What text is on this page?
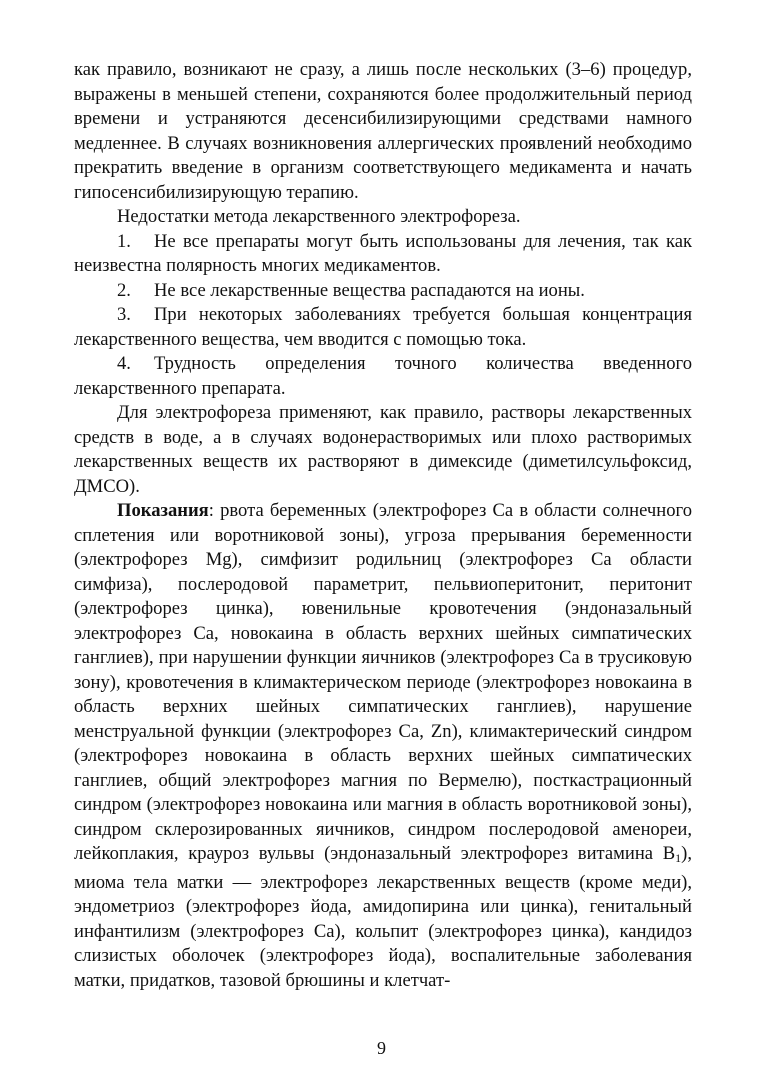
как правило, возникают не сразу, а лишь после нескольких (3–6) процедур, выражены в меньшей степени, сохраняются более продолжительный период времени и устраняются десенсибилизирующими средствами намного медленнее. В случаях возникновения аллергических проявлений необходимо прекратить введение в организм соответствующего медикамента и начать гипосенсибилизирующую терапию.

Недостатки метода лекарственного электрофореза.

1. Не все препараты могут быть использованы для лечения, так как неизвестна полярность многих медикаментов.

2. Не все лекарственные вещества распадаются на ионы.

3. При некоторых заболеваниях требуется большая концентрация лекарственного вещества, чем вводится с помощью тока.

4. Трудность определения точного количества введенного лекарственного препарата.

Для электрофореза применяют, как правило, растворы лекарственных средств в воде, а в случаях водонерастворимых или плохо растворимых лекарственных веществ их растворяют в димексиде (диметилсульфоксид, ДМСО).

Показания: рвота беременных (электрофорез Ca в области солнечного сплетения или воротниковой зоны), угроза прерывания беременности (электрофорез Mg), симфизит родильниц (электрофорез Ca области симфиза), послеродовой параметрит, пельвиоперитонит, перитонит (электрофорез цинка), ювенильные кровотечения (эндоназальный электрофорез Ca, новокаина в область верхних шейных симпатических ганглиев), при нарушении функции яичников (электрофорез Ca в трусиковую зону), кровотечения в климактерическом периоде (электрофорез новокаина в область верхних шейных симпатических ганглиев), нарушение менструальной функции (электрофорез Ca, Zn), климактерический синдром (электрофорез новокаина в область верхних шейных симпатических ганглиев, общий электрофорез магния по Вермелю), посткастрационный синдром (электрофорез новокаина или магния в область воротниковой зоны), синдром склерозированных яичников, синдром послеродовой аменореи, лейкоплакия, крауроз вульвы (эндоназальный электрофорез витамина $B_1$), миома тела матки — электрофорез лекарственных веществ (кроме меди), эндометриоз (электрофорез йода, амидопирина или цинка), генитальный инфантилизм (электрофорез Ca), кольпит (электрофорез цинка), кандидоз слизистых оболочек (электрофорез йода), воспалительные заболевания матки, придатков, тазовой брюшины и клетчат-

9
